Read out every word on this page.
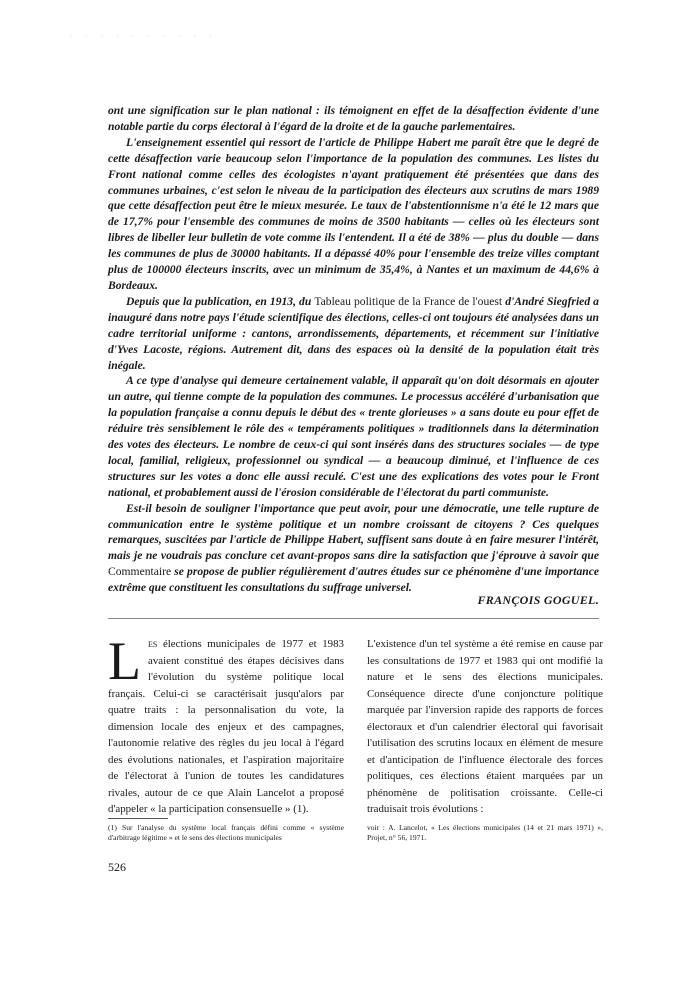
. . . . . . . . . .

ont une signification sur le plan national : ils témoignent en effet de la désaffection évidente d'une notable partie du corps électoral à l'égard de la droite et de la gauche parlementaires.

L'enseignement essentiel qui ressort de l'article de Philippe Habert me paraît être que le degré de cette désaffection varie beaucoup selon l'importance de la population des communes. Les listes du Front national comme celles des écologistes n'ayant pratiquement été présentées que dans des communes urbaines, c'est selon le niveau de la participation des électeurs aux scrutins de mars 1989 que cette désaffection peut être le mieux mesurée. Le taux de l'abstentionnisme n'a été le 12 mars que de 17,7% pour l'ensemble des communes de moins de 3500 habitants — celles où les électeurs sont libres de libeller leur bulletin de vote comme ils l'entendent. Il a été de 38% — plus du double — dans les communes de plus de 30000 habitants. Il a dépassé 40% pour l'ensemble des treize villes comptant plus de 100000 électeurs inscrits, avec un minimum de 35,4%, à Nantes et un maximum de 44,6% à Bordeaux.

Depuis que la publication, en 1913, du Tableau politique de la France de l'ouest d'André Siegfried a inauguré dans notre pays l'étude scientifique des élections, celles-ci ont toujours été analysées dans un cadre territorial uniforme : cantons, arrondissements, départements, et récemment sur l'initiative d'Yves Lacoste, régions. Autrement dit, dans des espaces où la densité de la population était très inégale.

A ce type d'analyse qui demeure certainement valable, il apparaît qu'on doit désormais en ajouter un autre, qui tienne compte de la population des communes. Le processus accéléré d'urbanisation que la population française a connu depuis le début des « trente glorieuses » a sans doute eu pour effet de réduire très sensiblement le rôle des « tempéraments politiques » traditionnels dans la détermination des votes des électeurs. Le nombre de ceux-ci qui sont insérés dans des structures sociales — de type local, familial, religieux, professionnel ou syndical — a beaucoup diminué, et l'influence de ces structures sur les votes a donc elle aussi reculé. C'est une des explications des votes pour le Front national, et probablement aussi de l'érosion considérable de l'électorat du parti communiste.

Est-il besoin de souligner l'importance que peut avoir, pour une démocratie, une telle rupture de communication entre le système politique et un nombre croissant de citoyens ? Ces quelques remarques, suscitées par l'article de Philippe Habert, suffisent sans doute à en faire mesurer l'intérêt, mais je ne voudrais pas conclure cet avant-propos sans dire la satisfaction que j'éprouve à savoir que Commentaire se propose de publier régulièrement d'autres études sur ce phénomène d'une importance extrême que constituent les consultations du suffrage universel.

FRANÇOIS GOGUEL.

Les élections municipales de 1977 et 1983 avaient constitué des étapes décisives dans l'évolution du système politique local français. Celui-ci se caractérisait jusqu'alors par quatre traits : la personnalisation du vote, la dimension locale des enjeux et des campagnes, l'autonomie relative des règles du jeu local à l'égard des évolutions nationales, et l'aspiration majoritaire de l'électorat à l'union de toutes les candidatures rivales, autour de ce que Alain Lancelot a proposé d'appeler « la participation consensuelle » (1).

L'existence d'un tel système a été remise en cause par les consultations de 1977 et 1983 qui ont modifié la nature et le sens des élections municipales. Conséquence directe d'une conjoncture politique marquée par l'inversion rapide des rapports de forces électoraux et d'un calendrier électoral qui favorisait l'utilisation des scrutins locaux en élément de mesure et d'anticipation de l'influence électorale des forces politiques, ces élections étaient marquées par un phénomène de politisation croissante. Celle-ci traduisait trois évolutions :

(1) Sur l'analyse du système local français défini comme « système d'arbitrage légitime » et le sens des élections municipales
voir : A. Lancelot, « Les élections municipales (14 et 21 mars 1971) », Projet, n° 56, 1971.
526
